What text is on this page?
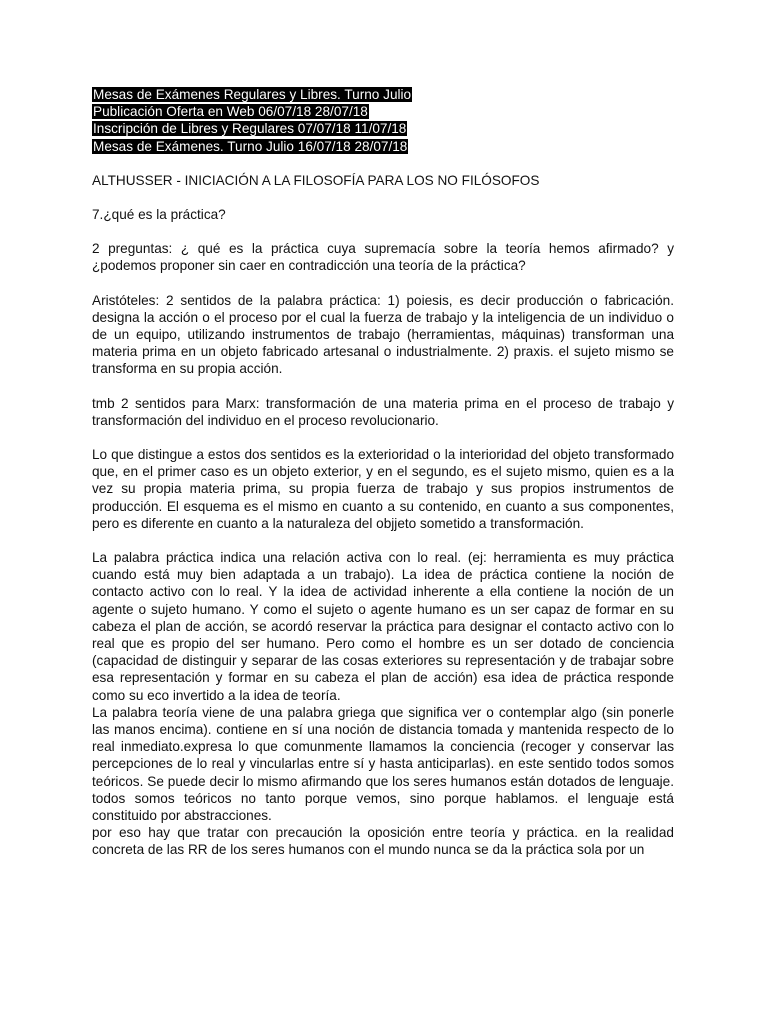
Mesas de Exámenes Regulares y Libres. Turno Julio
Publicación Oferta en Web 06/07/18 28/07/18
Inscripción de Libres y Regulares 07/07/18 11/07/18
Mesas de Exámenes. Turno Julio 16/07/18 28/07/18
ALTHUSSER - INICIACIÓN A LA FILOSOFÍA PARA LOS NO FILÓSOFOS
7.¿qué es la práctica?

2 preguntas: ¿ qué es la práctica cuya supremacía sobre la teoría hemos afirmado? y ¿podemos proponer sin caer en contradicción una teoría de la práctica?

Aristóteles: 2 sentidos de la palabra práctica: 1) poiesis, es decir producción o fabricación. designa la acción o el proceso por el cual la fuerza de trabajo y la inteligencia de un individuo o de un equipo, utilizando instrumentos de trabajo (herramientas, máquinas) transforman una materia prima en un objeto fabricado artesanal o industrialmente. 2) praxis. el sujeto mismo se transforma en su propia acción.

tmb 2 sentidos para Marx: transformación de una materia prima en el proceso de trabajo y transformación del individuo en el proceso revolucionario.

Lo que distingue a estos dos sentidos es la exterioridad o la interioridad del objeto transformado que, en el primer caso es un objeto exterior, y en el segundo, es el sujeto mismo, quien es a la vez su propia materia prima, su propia fuerza de trabajo y sus propios instrumentos de producción. El esquema es el mismo en cuanto a su contenido, en cuanto a sus componentes, pero es diferente en cuanto a la naturaleza del objjeto sometido a transformación.

La palabra práctica indica una relación activa con lo real. (ej: herramienta es muy práctica cuando está muy bien adaptada a un trabajo). La idea de práctica contiene la noción de contacto activo con lo real. Y la idea de actividad inherente a ella contiene la noción de un agente o sujeto humano. Y como el sujeto o agente humano es un ser capaz de formar en su cabeza el plan de acción, se acordó reservar la práctica para designar el contacto activo con lo real que es propio del ser humano. Pero como el hombre es un ser dotado de conciencia (capacidad de distinguir y separar de las cosas exteriores su representación y de trabajar sobre esa representación y formar en su cabeza el plan de acción) esa idea de práctica responde como su eco invertido a la idea de teoría.

La palabra teoría viene de una palabra griega que significa ver o contemplar algo (sin ponerle las manos encima). contiene en sí una noción de distancia tomada y mantenida respecto de lo real inmediato.expresa lo que comunmente llamamos la conciencia (recoger y conservar las percepciones de lo real y vincularlas entre sí y hasta anticiparlas). en este sentido todos somos teóricos. Se puede decir lo mismo afirmando que los seres humanos están dotados de lenguaje. todos somos teóricos no tanto porque vemos, sino porque hablamos. el lenguaje está constituido por abstracciones.

por eso hay que tratar con precaución la oposición entre teoría y práctica. en la realidad concreta de las RR de los seres humanos con el mundo nunca se da la práctica sola por un
